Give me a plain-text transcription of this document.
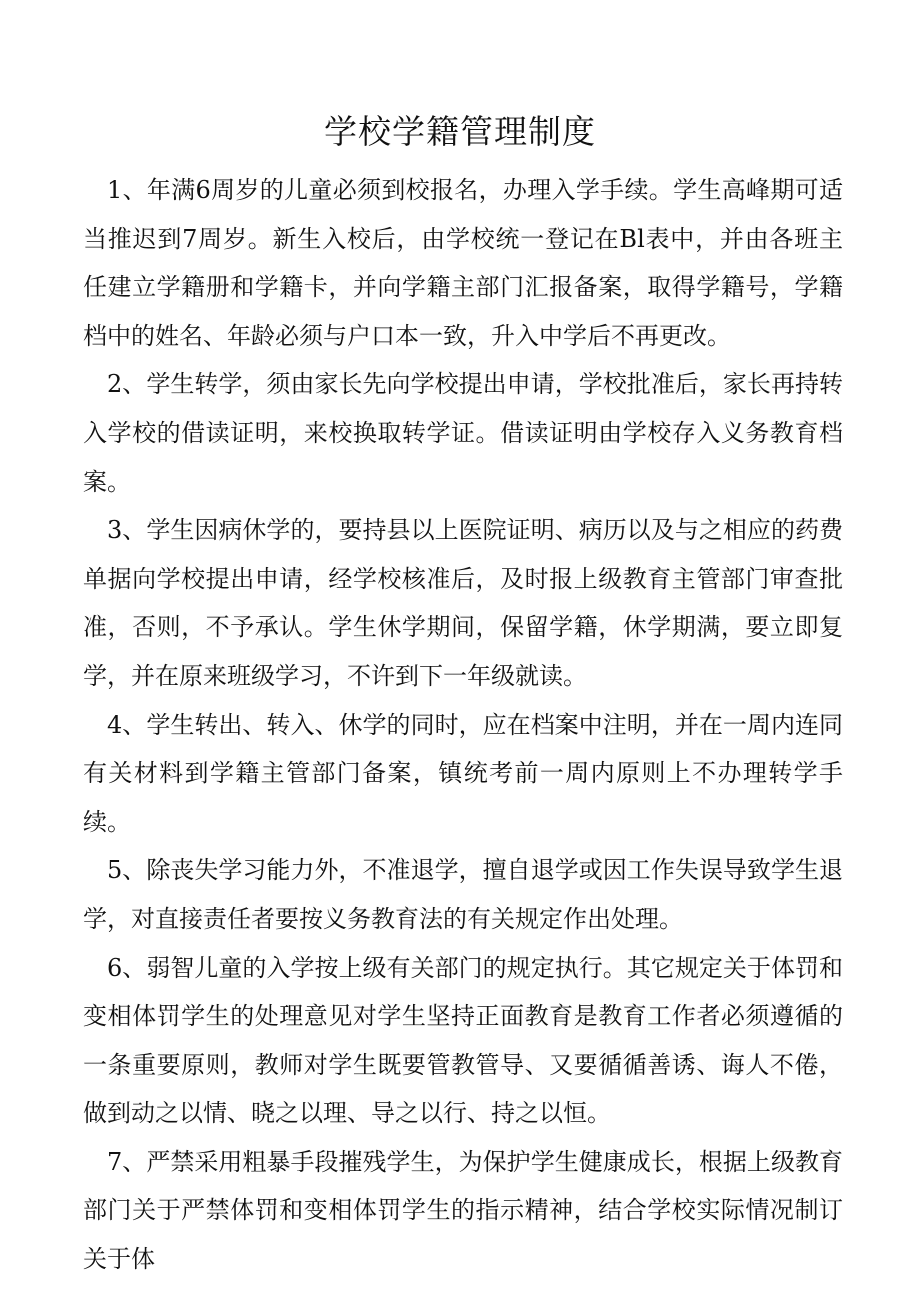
学校学籍管理制度

1、年满6周岁的儿童必须到校报名，办理入学手续。学生高峰期可适当推迟到7周岁。新生入校后，由学校统一登记在Bl表中，并由各班主任建立学籍册和学籍卡，并向学籍主部门汇报备案，取得学籍号，学籍档中的姓名、年龄必须与户口本一致，升入中学后不再更改。

2、学生转学，须由家长先向学校提出申请，学校批准后，家长再持转入学校的借读证明，来校换取转学证。借读证明由学校存入义务教育档案。

3、学生因病休学的，要持县以上医院证明、病历以及与之相应的药费单据向学校提出申请，经学校核准后，及时报上级教育主管部门审查批准，否则，不予承认。学生休学期间，保留学籍，休学期满，要立即复学，并在原来班级学习，不许到下一年级就读。

4、学生转出、转入、休学的同时，应在档案中注明，并在一周内连同有关材料到学籍主管部门备案，镇统考前一周内原则上不办理转学手续。

5、除丧失学习能力外，不准退学，擅自退学或因工作失误导致学生退学，对直接责任者要按义务教育法的有关规定作出处理。

6、弱智儿童的入学按上级有关部门的规定执行。其它规定关于体罚和变相体罚学生的处理意见对学生坚持正面教育是教育工作者必须遵循的一条重要原则，教师对学生既要管教管导、又要循循善诱、诲人不倦，做到动之以情、晓之以理、导之以行、持之以恒。

7、严禁采用粗暴手段摧残学生，为保护学生健康成长，根据上级教育部门关于严禁体罚和变相体罚学生的指示精神，结合学校实际情况制订关于体
